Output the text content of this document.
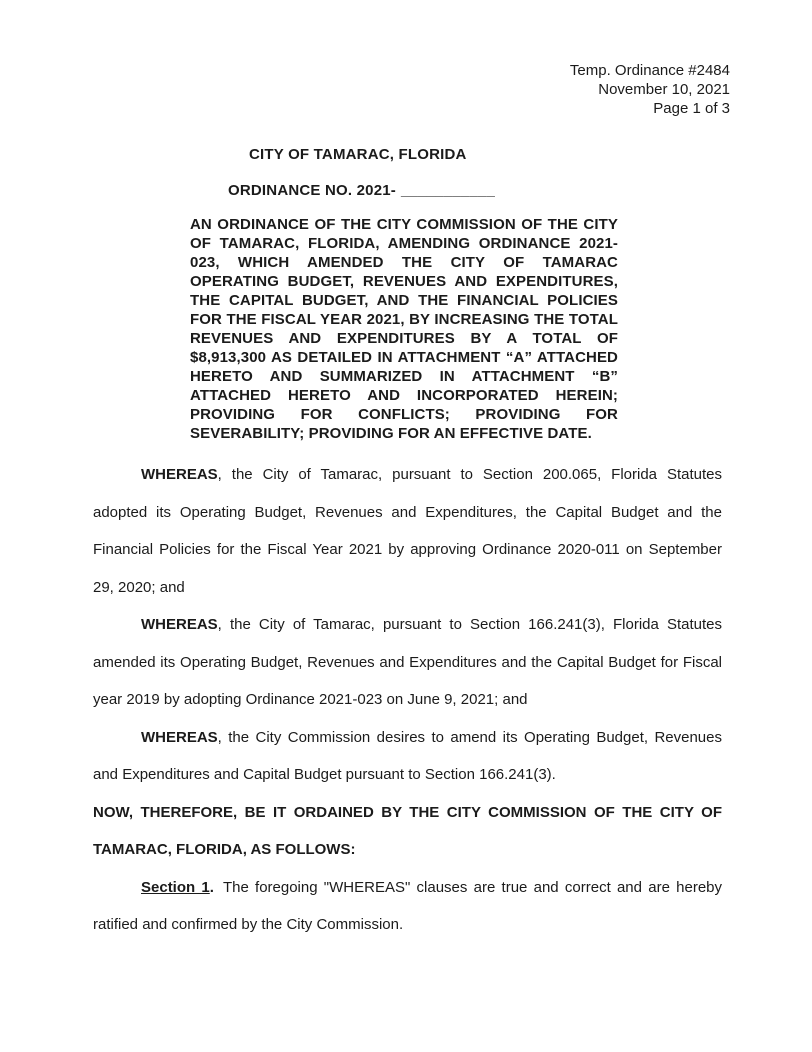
Temp. Ordinance #2484
November 10, 2021
Page 1 of 3
CITY OF TAMARAC, FLORIDA
ORDINANCE NO. 2021- ___________

AN ORDINANCE OF THE CITY COMMISSION OF THE CITY OF TAMARAC, FLORIDA, AMENDING ORDINANCE 2021-023, WHICH AMENDED THE CITY OF TAMARAC OPERATING BUDGET, REVENUES AND EXPENDITURES, THE CAPITAL BUDGET, AND THE FINANCIAL POLICIES FOR THE FISCAL YEAR 2021, BY INCREASING THE TOTAL REVENUES AND EXPENDITURES BY A TOTAL OF $8,913,300 AS DETAILED IN ATTACHMENT “A” ATTACHED HERETO AND SUMMARIZED IN ATTACHMENT “B” ATTACHED HERETO AND INCORPORATED HEREIN; PROVIDING FOR CONFLICTS; PROVIDING FOR SEVERABILITY; PROVIDING FOR AN EFFECTIVE DATE.

WHEREAS, the City of Tamarac, pursuant to Section 200.065, Florida Statutes adopted its Operating Budget, Revenues and Expenditures, the Capital Budget and the Financial Policies for the Fiscal Year 2021 by approving Ordinance 2020-011 on September 29, 2020; and

WHEREAS, the City of Tamarac, pursuant to Section 166.241(3), Florida Statutes amended its Operating Budget, Revenues and Expenditures and the Capital Budget for Fiscal year 2019 by adopting Ordinance 2021-023 on June 9, 2021; and

WHEREAS, the City Commission desires to amend its Operating Budget, Revenues and Expenditures and Capital Budget pursuant to Section 166.241(3).

NOW, THEREFORE, BE IT ORDAINED BY THE CITY COMMISSION OF THE CITY OF TAMARAC, FLORIDA, AS FOLLOWS:

Section 1. The foregoing "WHEREAS" clauses are true and correct and are hereby ratified and confirmed by the City Commission.
